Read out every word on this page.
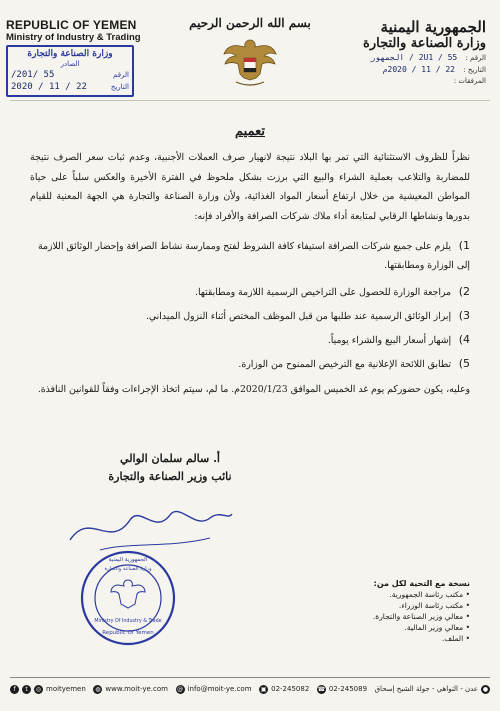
الجمهورية اليمنية
وزارة الصناعة والتجارة
الرقم : 55 / 2U1 / الجمهور
التاريخ : 22 / 11 / 2020م
المرفقات :
REPUBLIC OF YEMEN
Ministry of Industry & Trading
وزارة الصناعة والتجارة
الصادر
الرقم
55 /201/
التاريخ
22 / 11 / 2020
بسم الله الرحمن الرحيم
تعميم
نظراً للظروف الاستثنائية التي تمر بها البلاد نتيجة لانهيار صرف العملات الأجنبية، وعدم ثبات سعر الصرف نتيجة للمضاربة والتلاعب بعملية الشراء والبيع التي برزت بشكل ملحوظ في الفترة الأخيرة والعكس سلباً على حياة المواطن المعيشية من خلال ارتفاع أسعار المواد الغذائية، ولأن وزارة الصناعة والتجارة هي الجهة المعنية للقيام بدورها ونشاطها الرقابي لمتابعة أداء ملاك شركات الصرافة والأفراد فإنه:
1) يلزم على جميع شركات الصرافة استيفاء كافة الشروط لفتح وممارسة نشاط الصرافة وإحضار الوثائق اللازمة إلى الوزارة ومطابقتها.
2) مراجعة الوزارة للحصول على التراخيص الرسمية اللازمة ومطابقتها.
3) إبراز الوثائق الرسمية عند طلبها من قبل الموظف المختص أثناء النزول الميداني.
4) إشهار أسعار البيع والشراء يومياً.
5) تطابق اللائحة الإعلانية مع الترخيص الممنوح من الوزارة.
وعليه، يكون حضوركم يوم غد الخميس الموافق 2020/1/23م. ما لم، سيتم اتخاذ الإجراءات وفقاً للقوانين النافذة.
أ. سالم سلمان الوالي
نائب وزير الصناعة والتجارة
الجمهورية اليمنية
وزارة الصناعة والتجارة
Ministry Of Industry & Trade
Republic Of Yemen
نسخة مع التحية لكل من:
• مكتب رئاسة الجمهورية.
• مكتب رئاسة الوزراء.
• معالي وزير الصناعة والتجارة.
• معالي وزير المالية.
• الملف.
f	t	◎ moityemen	◍ www.moit-ye.com @ info@moit-ye.com ▣ 02-245082 ☎ 02-245089	●
عدن - التواهي - جولة الشيخ إسحاق
